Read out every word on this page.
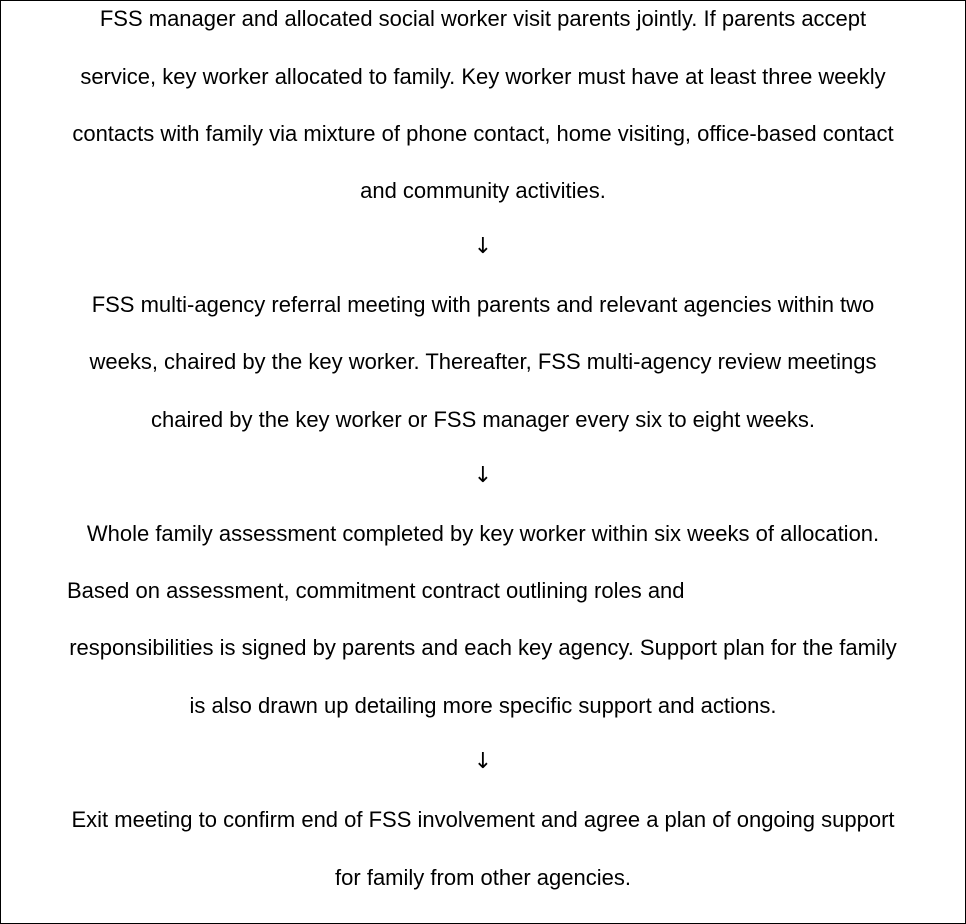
FSS manager and allocated social worker visit parents jointly. If parents accept
service, key worker allocated to family. Key worker must have at least three weekly
contacts with family via mixture of phone contact, home visiting, office-based contact
and community activities.
↓
FSS multi-agency referral meeting with parents and relevant agencies within two
weeks, chaired by the key worker. Thereafter, FSS multi-agency review meetings
chaired by the key worker or FSS manager every six to eight weeks.
↓
Whole family assessment completed by key worker within six weeks of allocation.
Based on assessment, commitment contract outlining roles and
responsibilities is signed by parents and each key agency. Support plan for the family
is also drawn up detailing more specific support and actions.
↓
Exit meeting to confirm end of FSS involvement and agree a plan of ongoing support
for family from other agencies.
